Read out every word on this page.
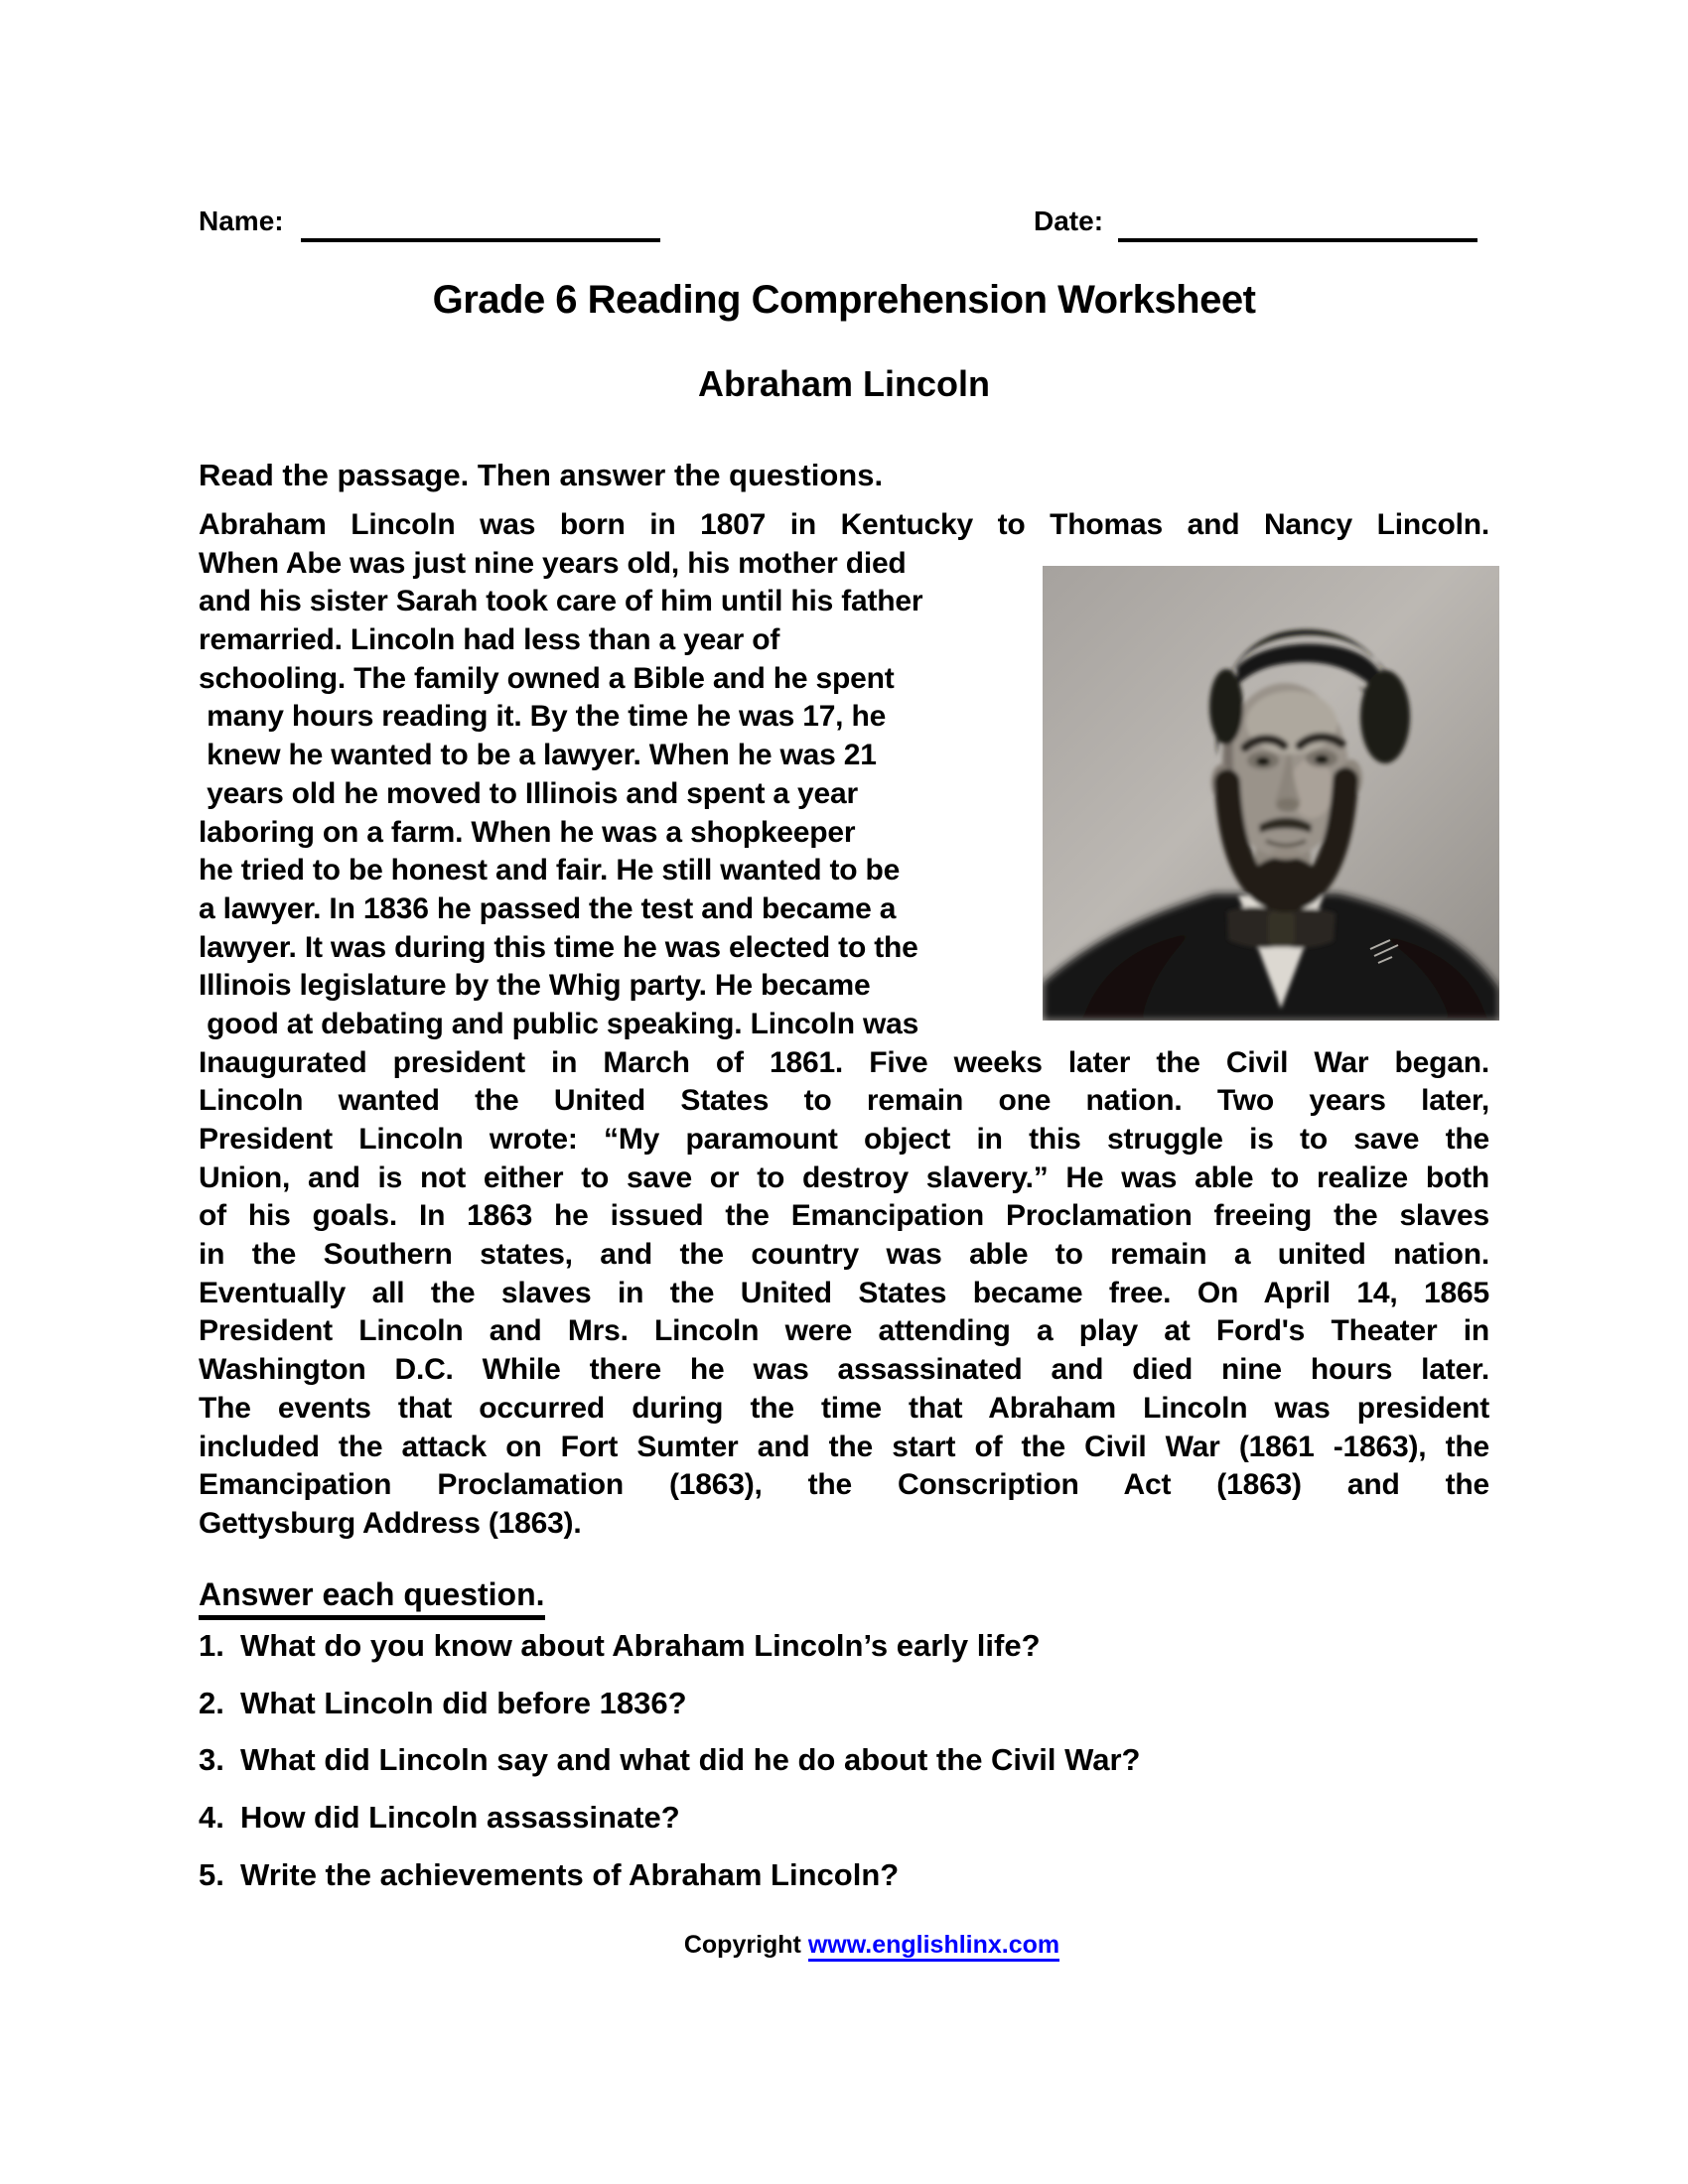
Name:	Date:
Grade 6 Reading Comprehension Worksheet
Abraham Lincoln
Read the passage. Then answer the questions.
Abraham Lincoln was born in 1807 in Kentucky to Thomas and Nancy Lincoln.
When Abe was just nine years old, his mother died
and his sister Sarah took care of him until his father
remarried. Lincoln had less than a year of
schooling. The family owned a Bible and he spent
many hours reading it. By the time he was 17, he
knew he wanted to be a lawyer. When he was 21
years old he moved to Illinois and spent a year
laboring on a farm. When he was a shopkeeper
he tried to be honest and fair. He still wanted to be
a lawyer. In 1836 he passed the test and became a
lawyer. It was during this time he was elected to the
Illinois legislature by the Whig party. He became
good at debating and public speaking. Lincoln was
Inaugurated president in March of 1861. Five weeks later the Civil War began.
Lincoln wanted the United States to remain one nation. Two years later,
President Lincoln wrote: “My paramount object in this struggle is to save the
Union, and is not either to save or to destroy slavery.” He was able to realize both
of his goals. In 1863 he issued the Emancipation Proclamation freeing the slaves
in the Southern states, and the country was able to remain a united nation.
Eventually all the slaves in the United States became free. On April 14, 1865
President Lincoln and Mrs. Lincoln were attending a play at Ford's Theater in
Washington D.C. While there he was assassinated and died nine hours later.
The events that occurred during the time that Abraham Lincoln was president
included the attack on Fort Sumter and the start of the Civil War (1861 -1863), the
Emancipation Proclamation (1863), the Conscription Act (1863) and the
Gettysburg Address (1863).
Answer each question.
1. What do you know about Abraham Lincoln’s early life?
2. What Lincoln did before 1836?
3. What did Lincoln say and what did he do about the Civil War?
4. How did Lincoln assassinate?
5. Write the achievements of Abraham Lincoln?
Copyright www.englishlinx.com
